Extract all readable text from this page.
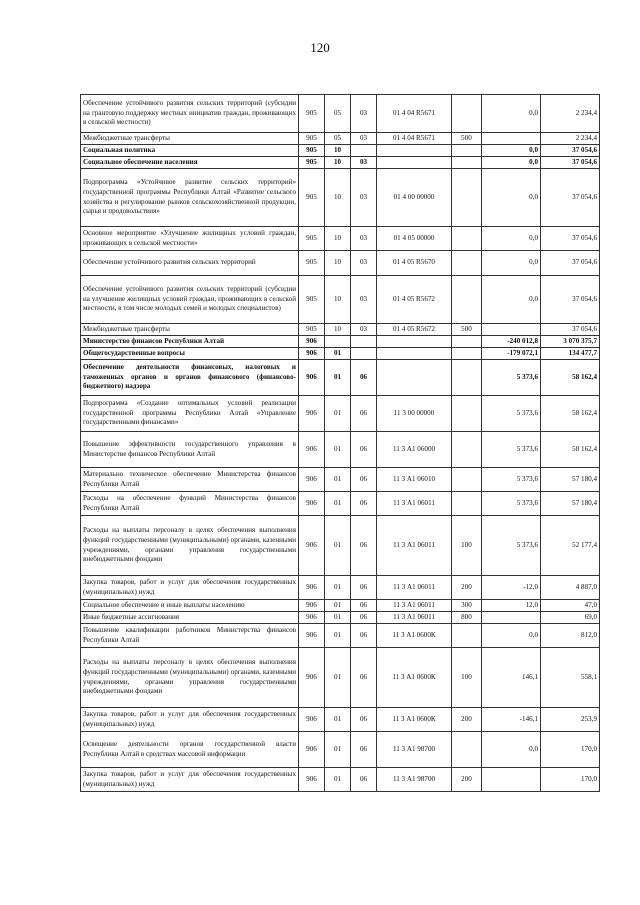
120
Обеспечение устойчивого развития сельских территорий (субсидии на грантовую поддержку местных инициатив граждан, проживающих в сельской местности)	905	05	03	01 4 04 R5671		0,0	2 234,4
Межбюджетные трансферты	905	05	03	01 4 04 R5671	500		2 234,4
Социальная политика	905	10				0,0	37 054,6
Социальное обеспечение населения	905	10	03			0,0	37 054,6
Подпрограмма «Устойчивое развитие сельских территорий» государственной программы Республики Алтай «Развитие сельского хозяйства и регулирование рынков сельскохозяйственной продукции, сырья и продовольствия»	905	10	03	01 4 00 00000		0,0	37 054,6
Основное мероприятие «Улучшение жилищных условий граждан, проживающих в сельской местности»	905	10	03	01 4 05 00000		0,0	37 054,6
Обеспечение устойчивого развития сельских территорий	905	10	03	01 4 05 R5670		0,0	37 054,6
Обеспечение устойчивого развития сельских территорий (субсидии на улучшение жилищных условий граждан, проживающих в сельской местности, в том числе молодых семей и молодых специалистов)	905	10	03	01 4 05 R5672		0,0	37 054,6
Межбюджетные трансферты	905	10	03	01 4 05 R5672	500		37 054,6
Министерство финансов Республики Алтай	906					-240 012,8	3 070 375,7
Общегосударственные вопросы	906	01				-179 072,1	134 477,7
Обеспечение деятельности финансовых, налоговых и таможенных органов и органов финансового (финансово-бюджетного) надзора	906	01	06			5 373,6	58 162,4
Подпрограмма «Создание оптимальных условий реализации государственной программы Республики Алтай «Управление государственными финансами»	906	01	06	11 3 00 00000		5 373,6	58 162,4
Повышение эффективности государственного управления в Министерстве финансов Республики Алтай	906	01	06	11 3 А1 06000		5 373,6	58 162,4
Материально техническое обеспечение Министерства финансов Республики Алтай	906	01	06	11 3 А1 06010		5 373,6	57 180,4
Расходы на обеспечение функций Министерства финансов Республики Алтай	906	01	06	11 3 А1 06011		5 373,6	57 180,4
Расходы на выплаты персоналу в целях обеспечения выполнения функций государственными (муниципальными) органами, казенными учреждениями, органами управления государственными внебюджетными фондами	906	01	06	11 3 А1 06011	100	5 373,6	52 177,4
Закупка товаров, работ и услуг для обеспечения государственных (муниципальных) нужд	906	01	06	11 3 А1 06011	200	-12,0	4 887,0
Социальное обеспечение и иные выплаты населению	906	01	06	11 3 А1 06011	300	12,0	47,0
Иные бюджетные ассигнования	906	01	06	11 3 А1 06011	800		69,0
Повышение квалификации работников Министерства финансов Республики Алтай	906	01	06	11 3 А1 0600К		0,0	812,0
Расходы на выплаты персоналу в целях обеспечения выполнения функций государственными (муниципальными) органами, казенными учреждениями, органами управления государственными внебюджетными фондами	906	01	06	11 3 А1 0600К	100	146,1	558,1
Закупка товаров, работ и услуг для обеспечения государственных (муниципальных) нужд	906	01	06	11 3 А1 0600К	200	-146,1	253,9
Освещение деятельности органов государственной власти Республики Алтай в средствах массовой информации	906	01	06	11 3 А1 98700		0,0	170,0
Закупка товаров, работ и услуг для обеспечения государственных (муниципальных) нужд	906	01	06	11 3 А1 98700	200		170,0
